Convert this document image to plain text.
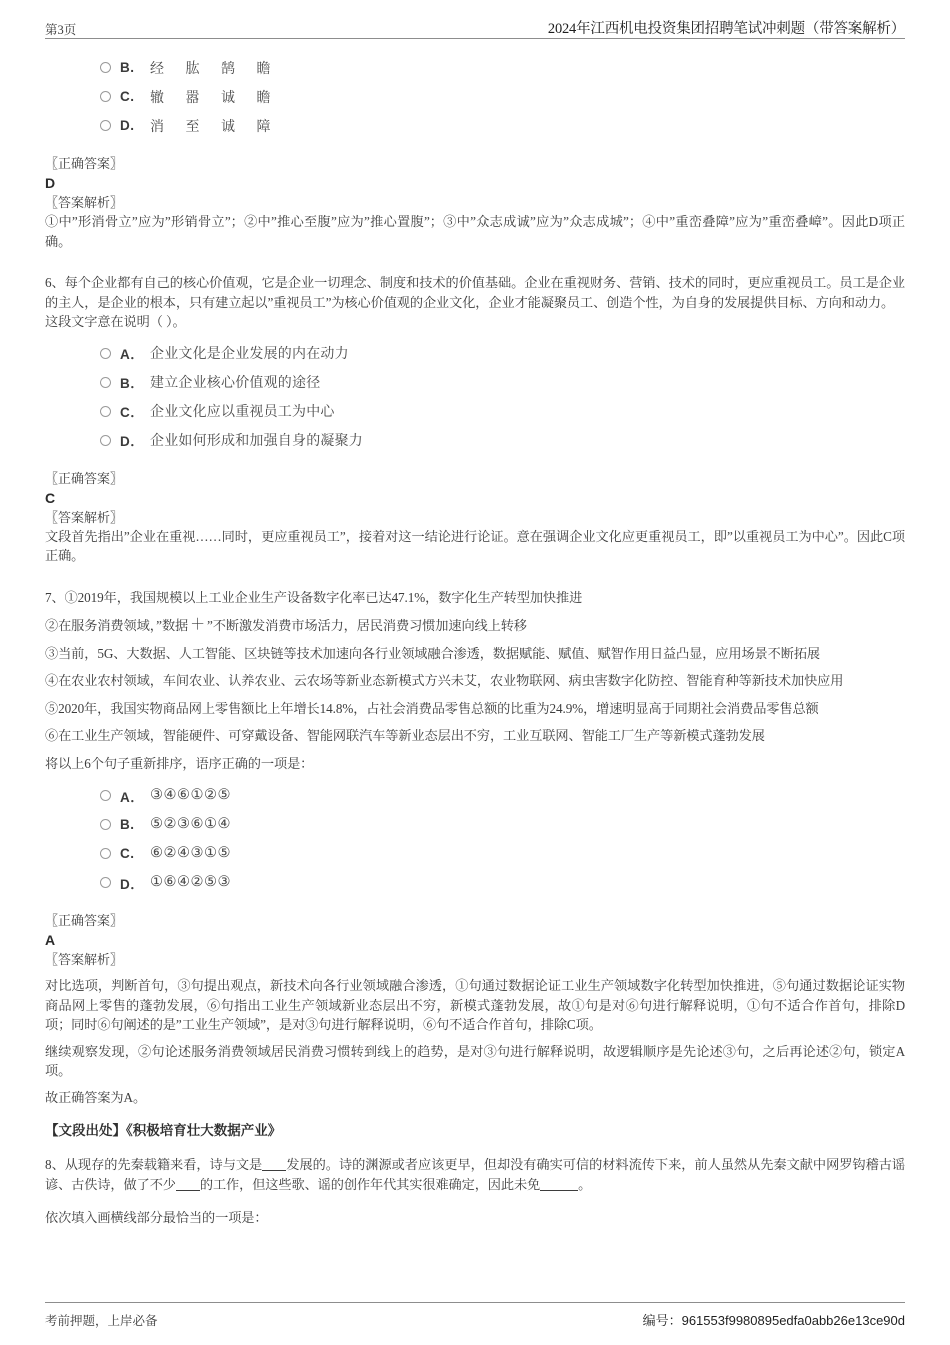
第3页	2024年江西机电投资集团招聘笔试冲刺题（带答案解析）
B.	经 肱 鹄 瞻
C.	辙 嚣 诚 瞻
D.	消 至 诚 障

〖正确答案〗

D

〖答案解析〗

①中”形消骨立”应为”形销骨立”；②中”推心至腹”应为”推心置腹”；③中”众志成诚”应为”众志成城”；④中”重峦叠障”应为”重峦叠嶂”。因此D项正确。

6、每个企业都有自己的核心价值观，它是企业一切理念、制度和技术的价值基础。企业在重视财务、营销、技术的同时，更应重视员工。员工是企业的主人，是企业的根本，只有建立起以”重视员工”为核心价值观的企业文化，企业才能凝聚员工、创造个性，为自身的发展提供目标、方向和动力。

这段文字意在说明（ ）。

A． 企业文化是企业发展的内在动力
B． 建立企业核心价值观的途径
C． 企业文化应以重视员工为中心
D． 企业如何形成和加强自身的凝聚力

〖正确答案〗

C

〖答案解析〗

文段首先指出”企业在重视……同时，更应重视员工”，接着对这一结论进行论证。意在强调企业文化应更重视员工，即”以重视员工为中心”。因此C项正确。

7、①2019年，我国规模以上工业企业生产设备数字化率已达47.1%，数字化生产转型加快推进

②在服务消费领域，”数据 ＋ ”不断激发消费市场活力，居民消费习惯加速向线上转移

③当前，5G、大数据、人工智能、区块链等技术加速向各行业领域融合渗透，数据赋能、赋值、赋智作用日益凸显，应用场景不断拓展

④在农业农村领域，车间农业、认养农业、云农场等新业态新模式方兴未艾，农业物联网、病虫害数字化防控、智能育种等新技术加快应用

⑤2020年，我国实物商品网上零售额比上年增长14.8%，占社会消费品零售总额的比重为24.9%，增速明显高于同期社会消费品零售总额

⑥在工业生产领域，智能硬件、可穿戴设备、智能网联汽车等新业态层出不穷，工业互联网、智能工厂生产等新模式蓬勃发展

将以上6个句子重新排序，语序正确的一项是：

A． ③④⑥①②⑤
B.	⑤②③⑥①④
C.	⑥②④③①⑤
D． ①⑥④②⑤③

〖正确答案〗

A

〖答案解析〗

对比选项，判断首句，③句提出观点，新技术向各行业领域融合渗透，①句通过数据论证工业生产领域数字化转型加快推进，⑤句通过数据论证实物商品网上零售的蓬勃发展，⑥句指出工业生产领域新业态层出不穷，新模式蓬勃发展，故①句是对⑥句进行解释说明，①句不适合作首句，排除D项；同时⑥句阐述的是”工业生产领域”，是对③句进行解释说明，⑥句不适合作首句，排除C项。

继续观察发现，②句论述服务消费领域居民消费习惯转到线上的趋势，是对③句进行解释说明，故逻辑顺序是先论述③句，之后再论述②句，锁定A项。

故正确答案为A。

【文段出处】《积极培育壮大数据产业》

8、从现存的先秦载籍来看，诗与文是 发展的。诗的渊源或者应该更早，但却没有确实可信的材料流传下来，前人虽然从先秦文献中网罗钩稽古谣谚、古佚诗，做了不少 的工作，但这些歌、谣的创作年代其实很难确定，因此未免	。

依次填入画横线部分最恰当的一项是：

考前押题，上岸必备	编号：961553f9980895edfa0abb26e13ce90d
